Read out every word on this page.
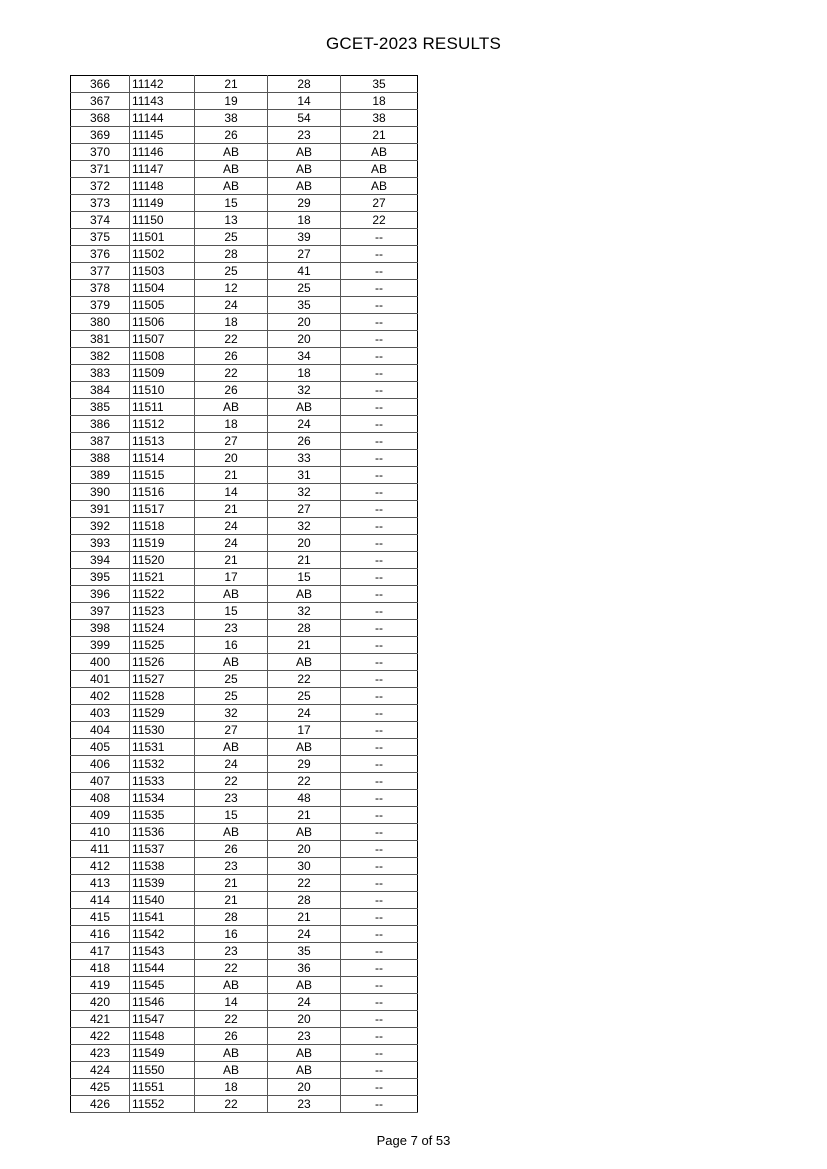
GCET-2023 RESULTS
366	11142	21	28	35
367	11143	19	14	18
368	11144	38	54	38
369	11145	26	23	21
370	11146	AB	AB	AB
371	11147	AB	AB	AB
372	11148	AB	AB	AB
373	11149	15	29	27
374	11150	13	18	22
375	11501	25	39	--
376	11502	28	27	--
377	11503	25	41	--
378	11504	12	25	--
379	11505	24	35	--
380	11506	18	20	--
381	11507	22	20	--
382	11508	26	34	--
383	11509	22	18	--
384	11510	26	32	--
385	11511	AB	AB	--
386	11512	18	24	--
387	11513	27	26	--
388	11514	20	33	--
389	11515	21	31	--
390	11516	14	32	--
391	11517	21	27	--
392	11518	24	32	--
393	11519	24	20	--
394	11520	21	21	--
395	11521	17	15	--
396	11522	AB	AB	--
397	11523	15	32	--
398	11524	23	28	--
399	11525	16	21	--
400	11526	AB	AB	--
401	11527	25	22	--
402	11528	25	25	--
403	11529	32	24	--
404	11530	27	17	--
405	11531	AB	AB	--
406	11532	24	29	--
407	11533	22	22	--
408	11534	23	48	--
409	11535	15	21	--
410	11536	AB	AB	--
411	11537	26	20	--
412	11538	23	30	--
413	11539	21	22	--
414	11540	21	28	--
415	11541	28	21	--
416	11542	16	24	--
417	11543	23	35	--
418	11544	22	36	--
419	11545	AB	AB	--
420	11546	14	24	--
421	11547	22	20	--
422	11548	26	23	--
423	11549	AB	AB	--
424	11550	AB	AB	--
425	11551	18	20	--
426	11552	22	23	--
Page 7 of 53
